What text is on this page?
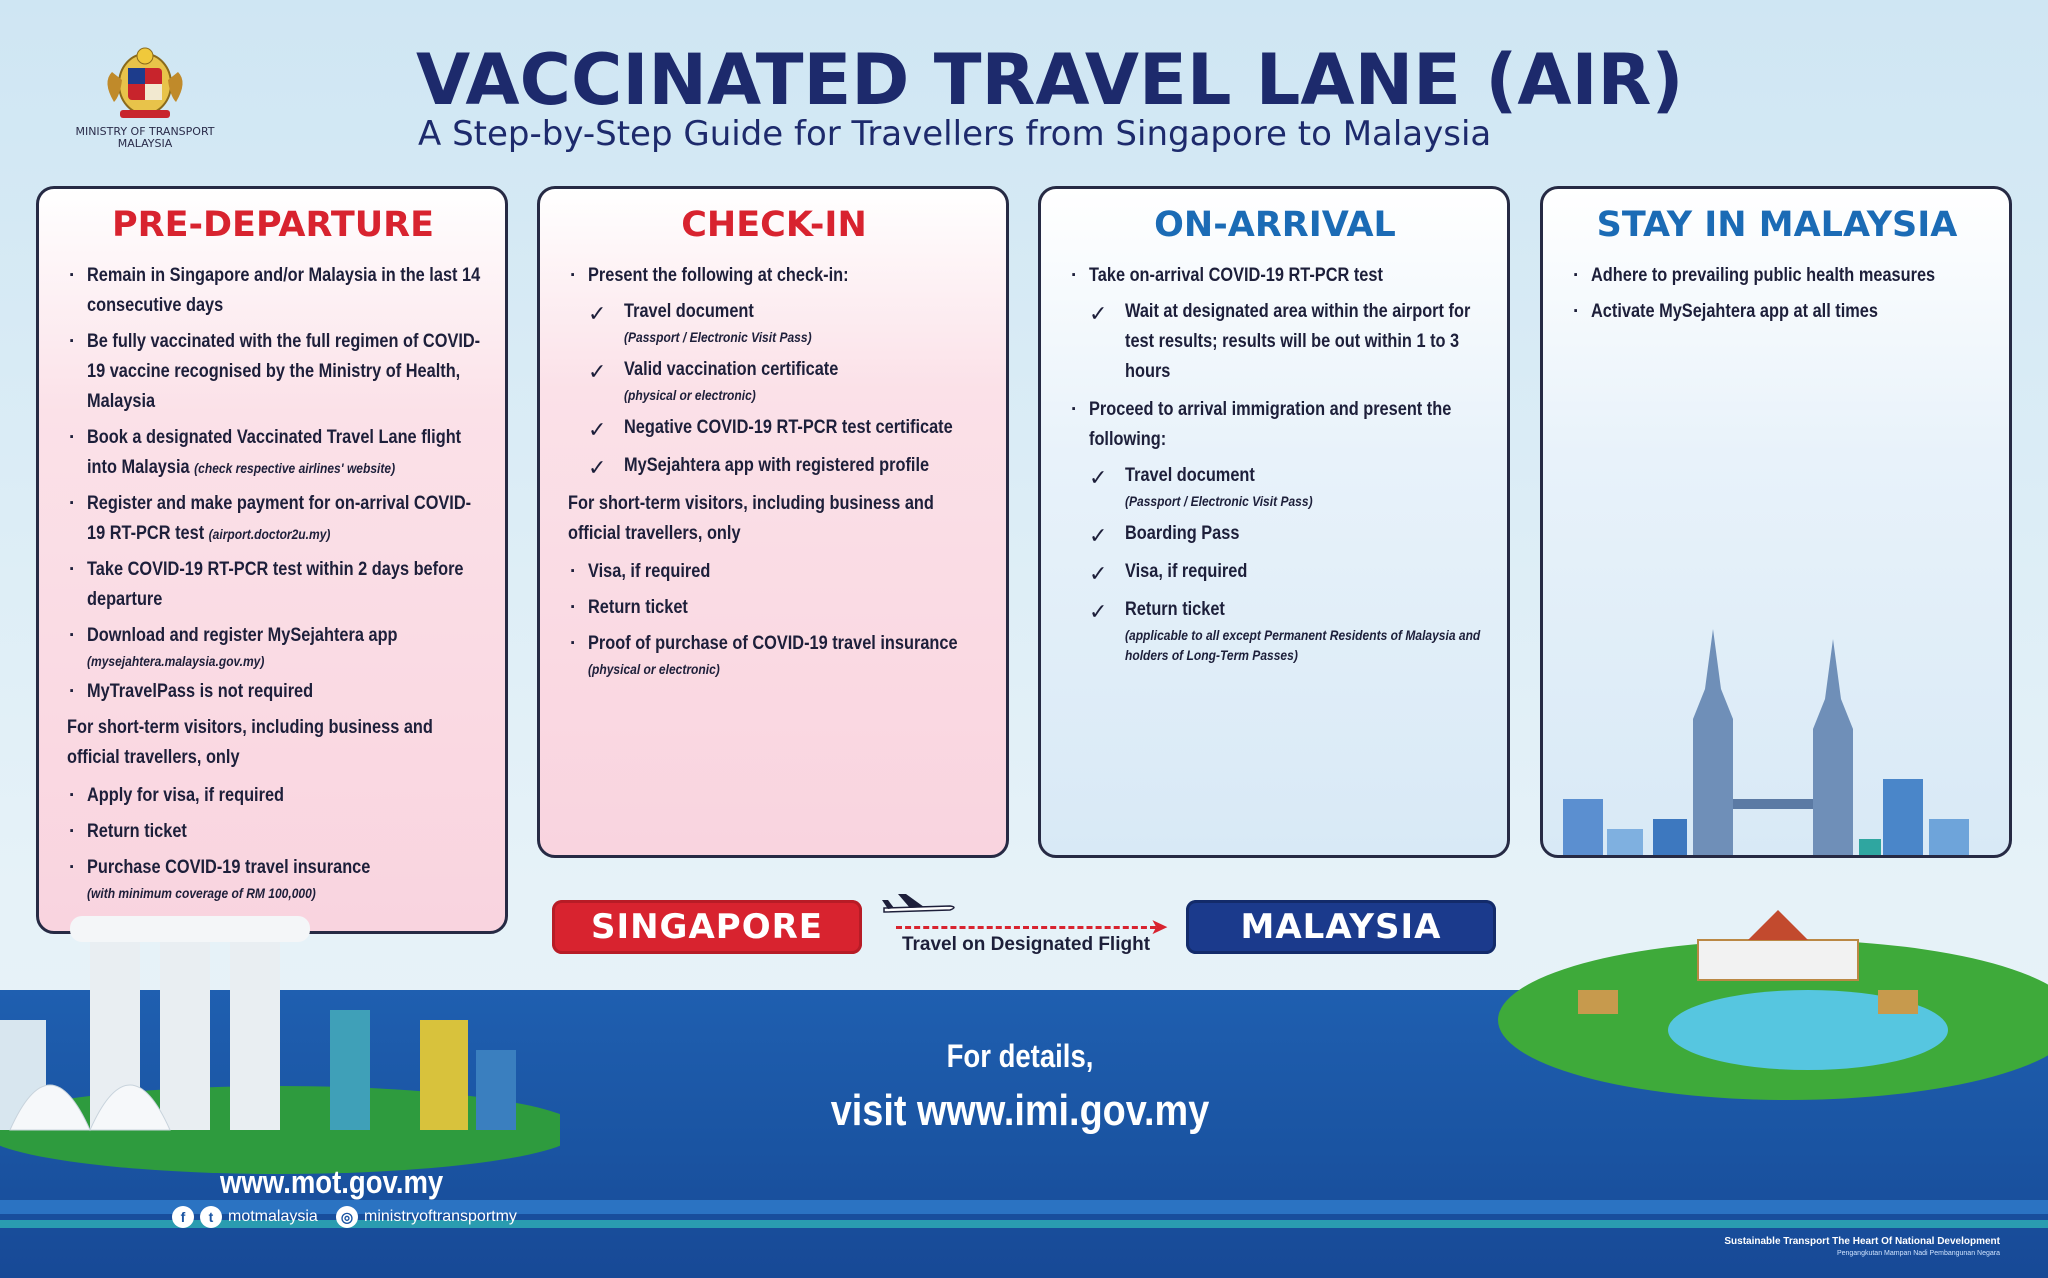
MINISTRY OF TRANSPORT
MALAYSIA
VACCINATED TRAVEL LANE (AIR)
A Step-by-Step Guide for Travellers from Singapore to Malaysia
PRE-DEPARTURE
· Remain in Singapore and/or Malaysia in the last 14 consecutive days
· Be fully vaccinated with the full regimen of COVID-19 vaccine recognised by the Ministry of Health, Malaysia
· Book a designated Vaccinated Travel Lane flight into Malaysia (check respective airlines' website)
· Register and make payment for on-arrival COVID-19 RT-PCR test (airport.doctor2u.my)
· Take COVID-19 RT-PCR test within 2 days before departure
· Download and register MySejahtera app
(mysejahtera.malaysia.gov.my)
· MyTravelPass is not required
For short-term visitors, including business and official travellers, only
· Apply for visa, if required
· Return ticket
· Purchase COVID-19 travel insurance
(with minimum coverage of RM 100,000)
CHECK-IN
· Present the following at check-in:
✓ Travel document
(Passport / Electronic Visit Pass)
✓ Valid vaccination certificate
(physical or electronic)
✓ Negative COVID-19 RT-PCR test certificate
✓ MySejahtera app with registered profile
For short-term visitors, including business and official travellers, only
· Visa, if required
· Return ticket
· Proof of purchase of COVID-19 travel insurance
(physical or electronic)
ON-ARRIVAL
· Take on-arrival COVID-19 RT-PCR test
✓ Wait at designated area within the airport for test results; results will be out within 1 to 3 hours
· Proceed to arrival immigration and present the following:
✓ Travel document
(Passport / Electronic Visit Pass)
✓ Boarding Pass
✓ Visa, if required
✓ Return ticket
(applicable to all except Permanent Residents of Malaysia and holders of Long-Term Passes)
STAY IN MALAYSIA
· Adhere to prevailing public health measures
· Activate MySejahtera app at all times
SINGAPORE	➤
Travel on Designated Flight	MALAYSIA
For details,
visit www.imi.gov.my
www.mot.gov.my
f	t motmalaysia	◎ ministryoftransportmy
Sustainable Transport The Heart Of National Development
Pengangkutan Mampan Nadi Pembangunan Negara
